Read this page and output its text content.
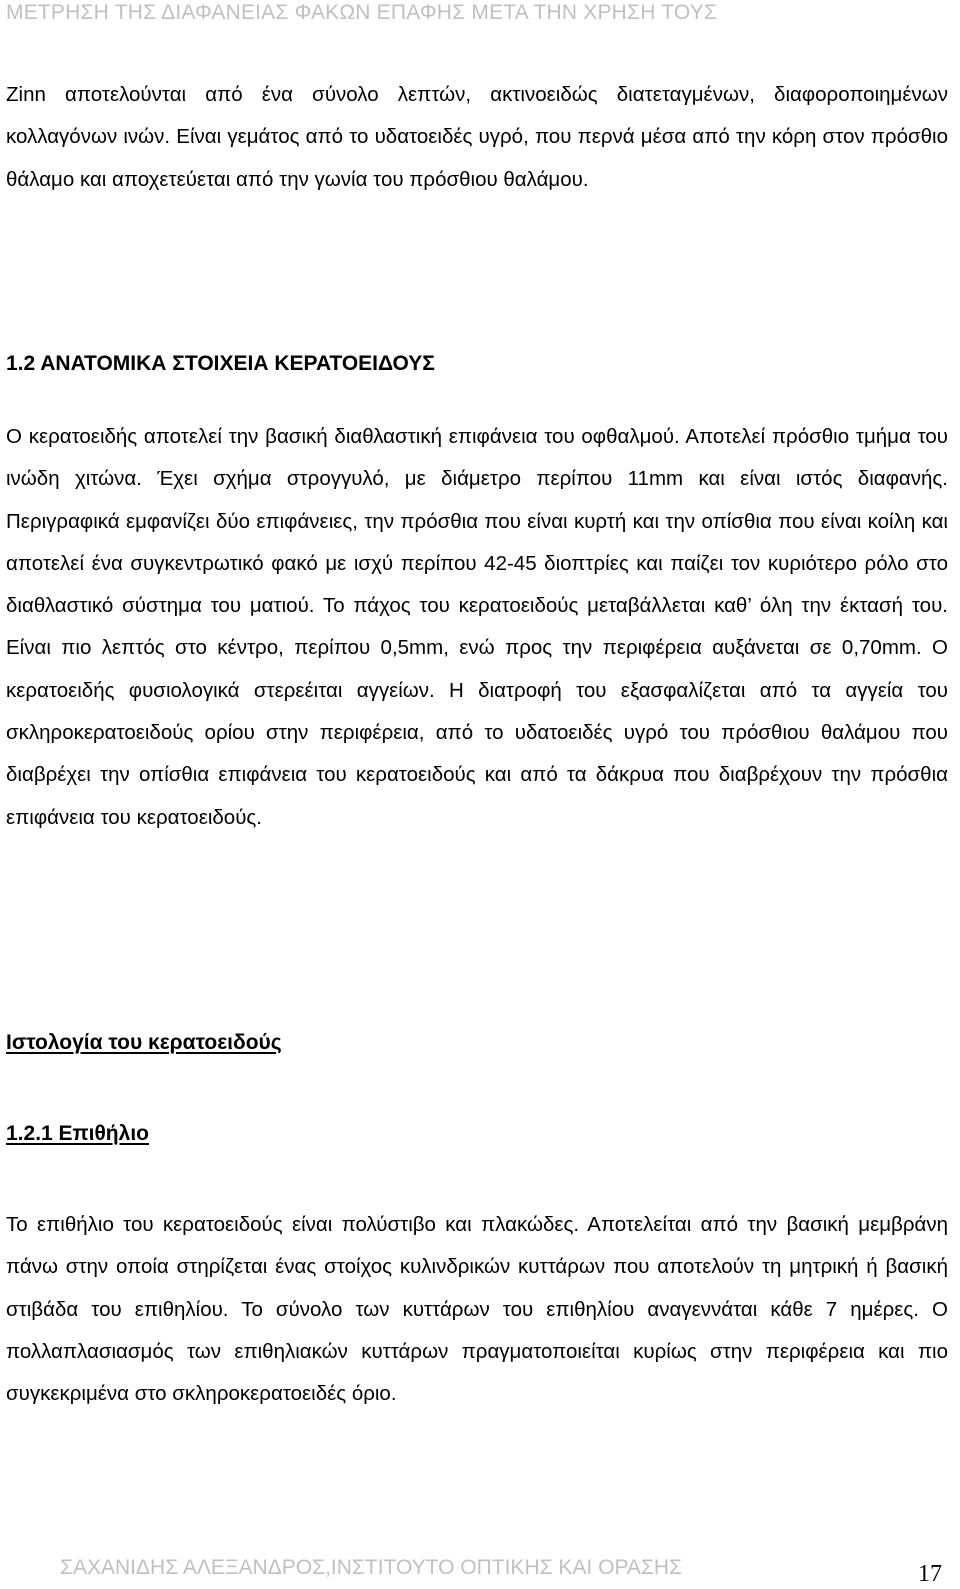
ΜΕΤΡΗΣΗ ΤΗΣ ΔΙΑΦΑΝΕΙΑΣ ΦΑΚΩΝ ΕΠΑΦΗΣ ΜΕΤΑ ΤΗΝ ΧΡΗΣΗ ΤΟΥΣ

Zinn αποτελούνται από ένα σύνολο λεπτών, ακτινοειδώς διατεταγμένων, διαφοροποιημένων κολλαγόνων ινών. Είναι γεμάτος από το υδατοειδές υγρό, που περνά μέσα από την κόρη στον πρόσθιο θάλαμο και αποχετεύεται από την γωνία του πρόσθιου θαλάμου.

1.2 ΑΝΑΤΟΜΙΚΑ ΣΤΟΙΧΕΙΑ ΚΕΡΑΤΟΕΙΔΟΥΣ

Ο κερατοειδής αποτελεί την βασική διαθλαστική επιφάνεια του οφθαλμού. Αποτελεί πρόσθιο τμήμα του ινώδη χιτώνα. Έχει σχήμα στρογγυλό, με διάμετρο περίπου 11mm και είναι ιστός διαφανής. Περιγραφικά εμφανίζει δύο επιφάνειες, την πρόσθια που είναι κυρτή και την οπίσθια που είναι κοίλη και αποτελεί ένα συγκεντρωτικό φακό με ισχύ περίπου 42-45 διοπτρίες και παίζει τον κυριότερο ρόλο στο διαθλαστικό σύστημα του ματιού. Το πάχος του κερατοειδούς μεταβάλλεται καθ’ όλη την έκτασή του. Είναι πιο λεπτός στο κέντρο, περίπου 0,5mm, ενώ προς την περιφέρεια αυξάνεται σε 0,70mm. Ο κερατοειδής φυσιολογικά στερεέιται αγγείων. Η διατροφή του εξασφαλίζεται από τα αγγεία του σκληροκερατοειδούς ορίου στην περιφέρεια, από το υδατοειδές υγρό του πρόσθιου θαλάμου που διαβρέχει την οπίσθια επιφάνεια του κερατοειδούς και από τα δάκρυα που διαβρέχουν την πρόσθια επιφάνεια του κερατοειδούς.

Ιστολογία του κερατοειδούς
1.2.1 Επιθήλιο

Το επιθήλιο του κερατοειδούς είναι πολύστιβο και πλακώδες. Αποτελείται από την βασική μεμβράνη πάνω στην οποία στηρίζεται ένας στοίχος κυλινδρικών κυττάρων που αποτελούν τη μητρική ή βασική στιβάδα του επιθηλίου. Το σύνολο των κυττάρων του επιθηλίου αναγεννάται κάθε 7 ημέρες. Ο πολλαπλασιασμός των επιθηλιακών κυττάρων πραγματοποιείται κυρίως στην περιφέρεια και πιο συγκεκριμένα στο σκληροκερατοειδές όριο.

ΣΑΧΑΝΙΔΗΣ ΑΛΕΞΑΝΔΡΟΣ,ΙΝΣΤΙΤΟΥΤΟ ΟΠΤΙΚΗΣ ΚΑΙ ΟΡΑΣΗΣ	17
